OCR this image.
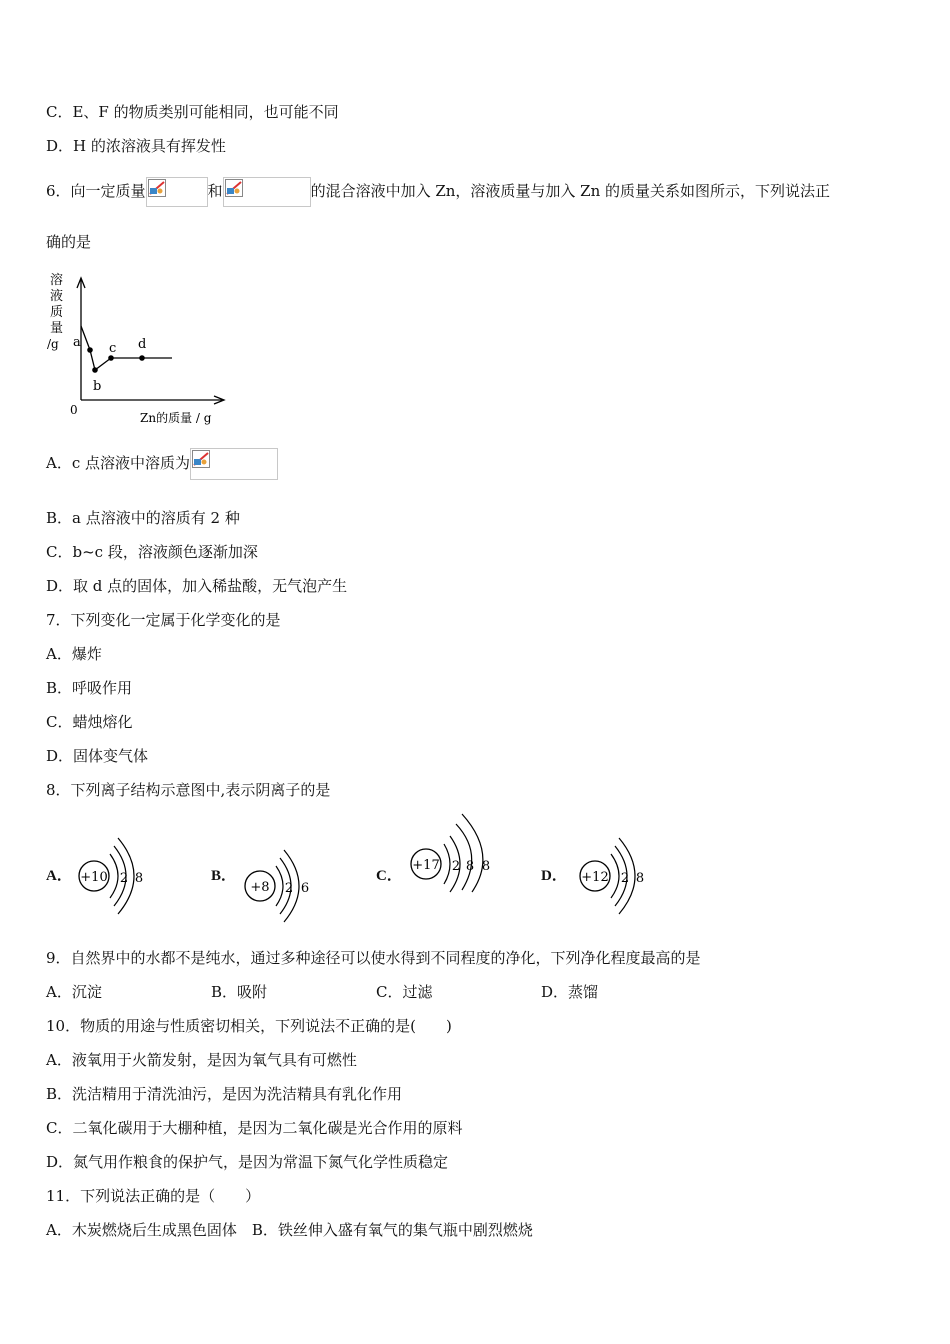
C．E、F 的物质类别可能相同，也可能不同
D．H 的浓溶液具有挥发性
6．向一定质量	和	的混合溶液中加入 Zn，溶液质量与加入 Zn 的质量关系如图所示，下列说法正
确的是
溶
液
质
量
/g
0
Zn的质量 / g
a
b
c d
A．c 点溶液中溶质为
B．a 点溶液中的溶质有 2 种
C．b~c 段，溶液颜色逐渐加深
D．取 d 点的固体，加入稀盐酸，无气泡产生
7．下列变化一定属于化学变化的是
A．爆炸
B．呼吸作用
C．蜡烛熔化
D．固体变气体
8．下列离子结构示意图中,表示阴离子的是
A． +10 2 8	B．
+8 2 6
C．
+17 2 8 8
D． +12 2 8
9．自然界中的水都不是纯水，通过多种途径可以使水得到不同程度的净化，下列净化程度最高的是
A．沉淀	B．吸附	C．过滤	D．蒸馏
10．物质的用途与性质密切相关，下列说法不正确的是(　　)
A．液氧用于火箭发射，是因为氧气具有可燃性
B．洗洁精用于清洗油污，是因为洗洁精具有乳化作用
C．二氧化碳用于大棚种植，是因为二氧化碳是光合作用的原料
D．氮气用作粮食的保护气，是因为常温下氮气化学性质稳定
11．下列说法正确的是（　　）
A．木炭燃烧后生成黑色固体　B．铁丝伸入盛有氧气的集气瓶中剧烈燃烧
